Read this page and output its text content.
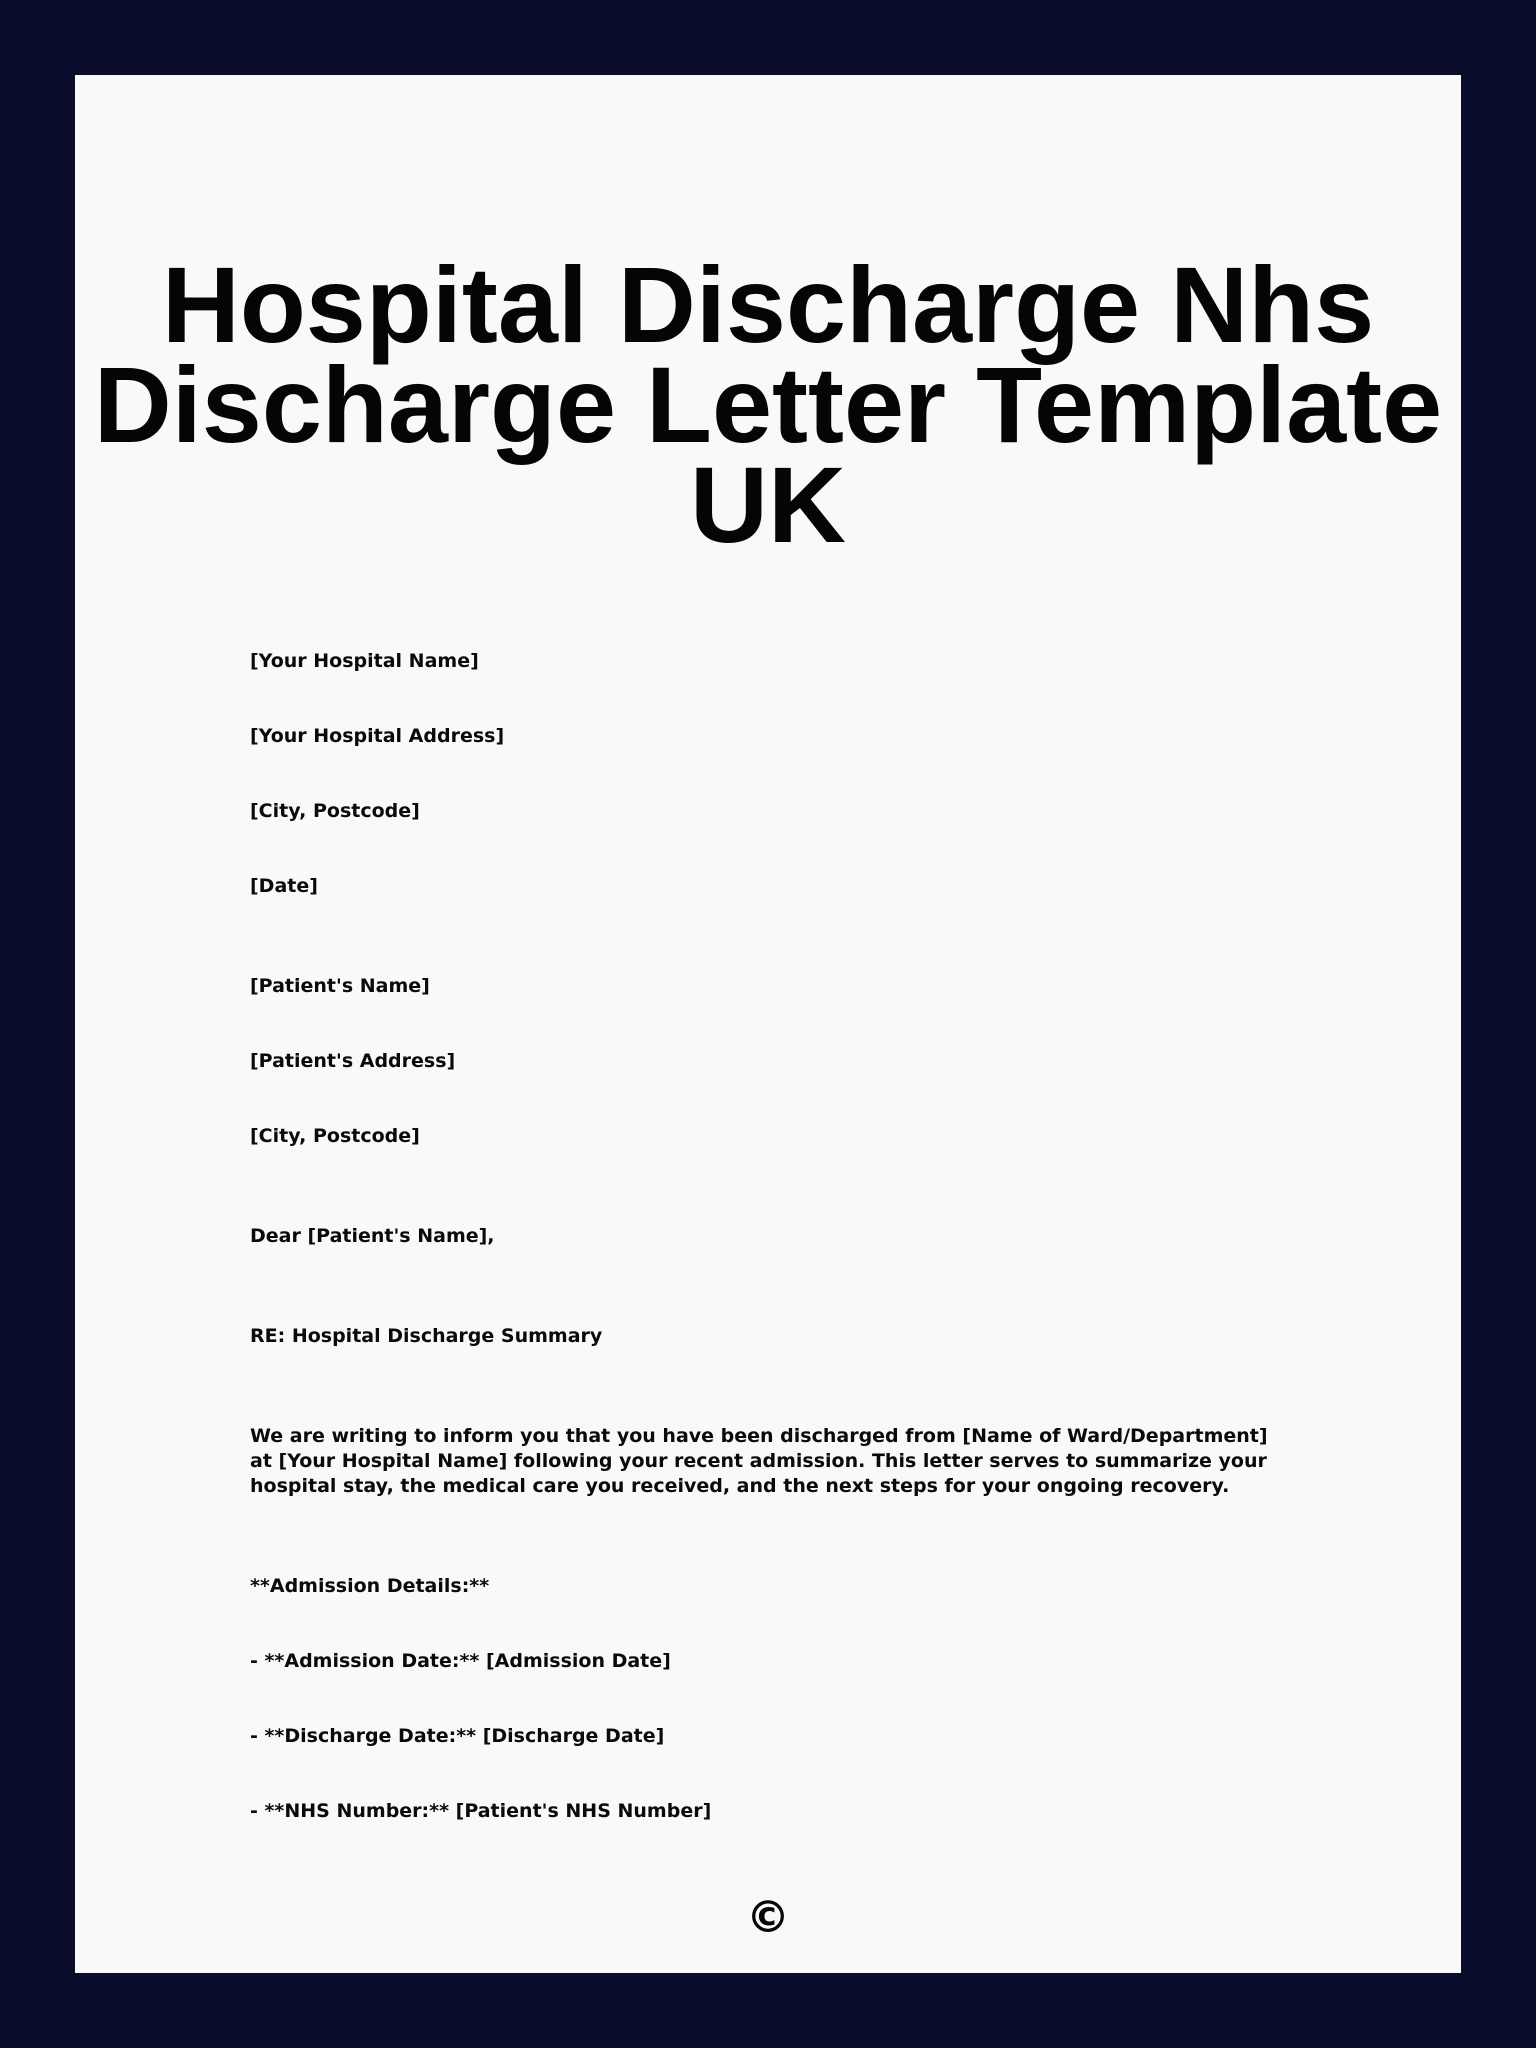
Hospital Discharge Nhs Discharge Letter Template UK

[Your Hospital Name]

[Your Hospital Address]

[City, Postcode]

[Date]

[Patient's Name]

[Patient's Address]

[City, Postcode]

Dear [Patient's Name],

RE: Hospital Discharge Summary

We are writing to inform you that you have been discharged from [Name of Ward/Department] at [Your Hospital Name] following your recent admission. This letter serves to summarize your hospital stay, the medical care you received, and the next steps for your ongoing recovery.

**Admission Details:**

- **Admission Date:** [Admission Date]

- **Discharge Date:** [Discharge Date]

- **NHS Number:** [Patient's NHS Number]

©
